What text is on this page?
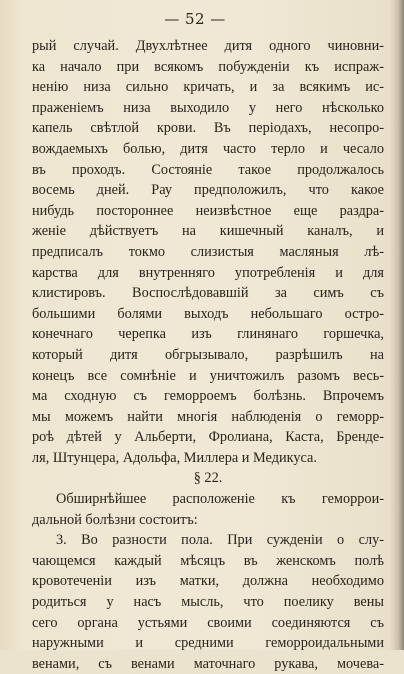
— 52 —
рый случай. Двухлѣтнее дитя одного чиновни-
ка начало при всякомъ побужденіи къ испраж-
ненію низа сильно кричать, и за всякимъ ис-
праженіемъ низа выходило у него нѣсколько
капель свѣтлой крови. Въ періодахъ, несопро-
вождаемыхъ болью, дитя часто терло и чесало
въ проходъ. Состояніе такое продолжалось
восемь дней. Рау предположилъ, что какое
нибудь постороннее неизвѣстное еще раздра-
женіе дѣйствуетъ на кишечный каналъ, и
предписалъ токмо слизистыя масляныя лѣ-
карства для внутренняго употребленія и для
клистировъ. Воспослѣдовавшій за симъ съ
большими болями выходъ небольшаго остро-
конечнаго черепка изъ глинянаго горшечка,
который дитя обгрызывало, разрѣшилъ на
конецъ все сомнѣніе и уничтожилъ разомъ весь-
ма сходную съ геморроемъ болѣзнь. Впрочемъ
мы можемъ найти многія наблюденія о геморр-
роѣ дѣтей у Альберти, Фролиана, Каста, Бренде-
ля, Штунцера, Адольфа, Миллера и Медикуса.
§ 22.
Обширнѣйшее расположеніе къ геморрои-
дальной болѣзни состоитъ:
3. Во разности пола. При сужденіи о слу-
чающемся каждый мѣсяцъ въ женскомъ полѣ
кровотеченіи изъ матки, должна необходимо
родиться у насъ мысль, что поелику вены
сего органа устьями своими соединяются съ
наружными и средними геморроидальными
венами, съ венами маточнаго рукава, мочева-
